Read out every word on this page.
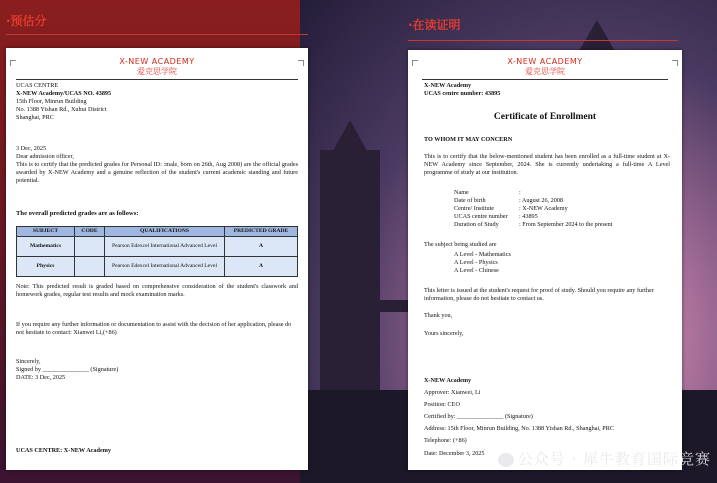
·预估分	·在读证明
X-NEW ACADEMY
爱克思学院
UCAS CENTRE
X-NEW Academy/UCAS NO. 43895
15th Floor, Minrun Building
No. 1388 Yishan Rd., Xuhui District
Shanghai, PRC
3 Dec, 2025
Dear admission officer,
This is to certify that the predicted grades for Personal ID: :male, born on 26th, Aug 2008) are the official grades awarded by X-NEW Academy and a genuine reflection of the student's current academic standing and future potential.
The overall predicted grades are as follows:
SUBJECT	CODE	QUALIFICATIONS	PREDICTED GRADE
Mathematics		Pearson Edexcel International Advanced Level	A
Physics		Pearson Edexcel International Advanced Level	A
Note: This predicted result is graded based on comprehensive consideration of the student's classwork and homework grades, regular test results and mock examination marks.
If you require any further information or documentation to assist with the decision of her application, please do not hesitate to contact: Xianwei Li,(+86)
Sincerely,
Signed by _______________ (Signature)
DATE: 3 Dec, 2025
UCAS CENTRE: X-NEW Academy
X-NEW ACADEMY
爱克思学院
X-NEW Academy
UCAS centre number: 43895
Certificate of Enrollment
TO WHOM IT MAY CONCERN
This is to certify that the below-mentioned student has been enrolled as a full-time student at X-NEW Academy since September, 2024. She is currently undertaking a full-time A Level programme of study at our institution.
Name	:
Date of birth	: August 26, 2008
Centre/ Institute	: X-NEW Academy
UCAS centre number	: 43895
Duration of Study	: From September 2024 to the present
The subject being studied are
A Level - Mathematics
A Level - Physics
A Level - Chinese
This letter is issued at the student's request for proof of study. Should you require any further information, please do not hesitate to contact us.
Thank you,
Yours sincerely,
X-NEW Academy
Approver: Xianwei, Li
Position: CEO
Certified by: _______________ (Signature)
Address: 15th Floor, Minrun Building, No. 1388 Yishan Rd., Shanghai, PRC
Telephone: (+86)
Date: December 3, 2025	公众号 · 犀牛教育国际竞赛
